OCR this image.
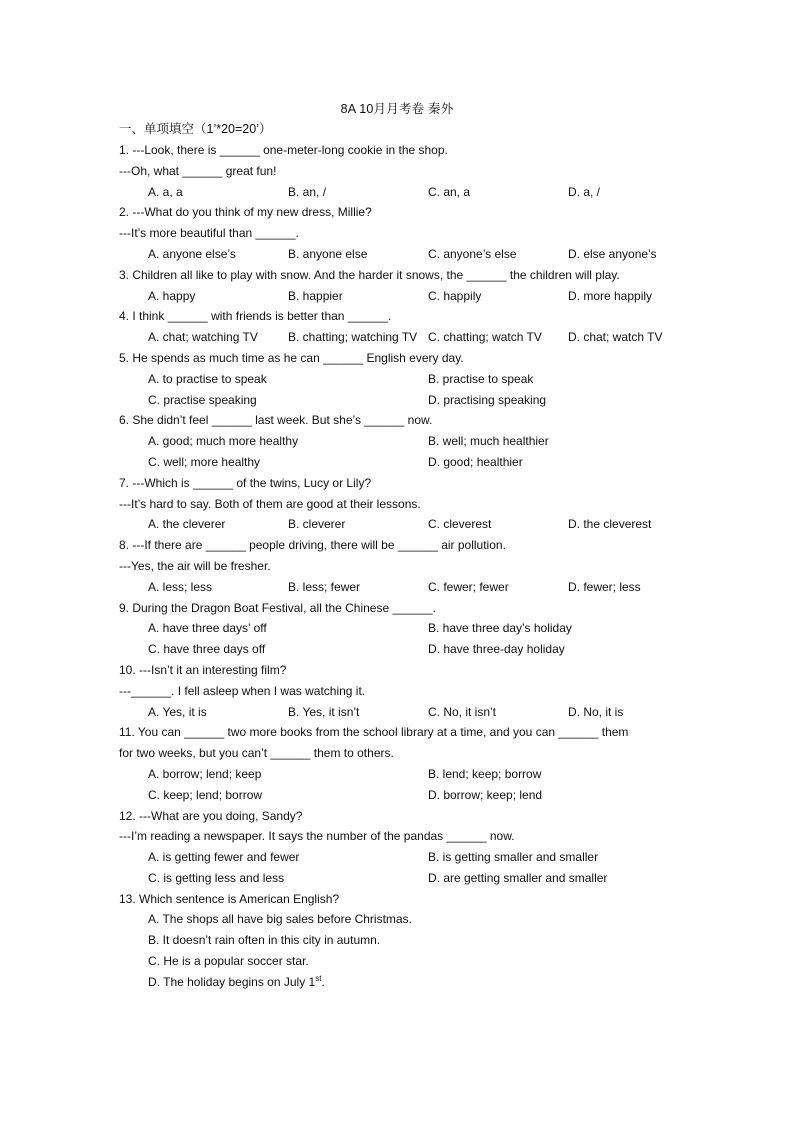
8A 10月月考卷 秦外
一、单项填空（1’*20=20’）
1. ---Look, there is ______ one-meter-long cookie in the shop.
---Oh, what ______ great fun!
A. a, a	B. an, /	C. an, a	D. a, /
2. ---What do you think of my new dress, Millie?
---It’s more beautiful than ______.
A. anyone else’s	B. anyone else	C. anyone’s else	D. else anyone’s
3. Children all like to play with snow. And the harder it snows, the ______ the children will play.
A. happy	B. happier	C. happily	D. more happily
4. I think ______ with friends is better than ______.
A. chat; watching TV	B. chatting; watching TV C. chatting; watch TV D. chat; watch TV
5. He spends as much time as he can ______ English every day.
A. to practise to speak	B. practise to speak
C. practise speaking	D. practising speaking
6. She didn’t feel ______ last week. But she’s ______ now.
A. good; much more healthy	B. well; much healthier
C. well; more healthy	D. good; healthier
7. ---Which is ______ of the twins, Lucy or Lily?
---It’s hard to say. Both of them are good at their lessons.
A. the cleverer	B. cleverer	C. cleverest	D. the cleverest
8. ---If there are ______ people driving, there will be ______ air pollution.
---Yes, the air will be fresher.
A. less; less	B. less; fewer	C. fewer; fewer	D. fewer; less
9. During the Dragon Boat Festival, all the Chinese ______.
A. have three days’ off	B. have three day’s holiday
C. have three days off	D. have three-day holiday
10. ---Isn’t it an interesting film?
---______. I fell asleep when I was watching it.
A. Yes, it is	B. Yes, it isn’t	C. No, it isn’t	D. No, it is
11. You can ______ two more books from the school library at a time, and you can ______ them
for two weeks, but you can’t ______ them to others.
A. borrow; lend; keep	B. lend; keep; borrow
C. keep; lend; borrow	D. borrow; keep; lend
12. ---What are you doing, Sandy?
---I’m reading a newspaper. It says the number of the pandas ______ now.
A. is getting fewer and fewer	B. is getting smaller and smaller
C. is getting less and less	D. are getting smaller and smaller
13. Which sentence is American English?
A. The shops all have big sales before Christmas.
B. It doesn’t rain often in this city in autumn.
C. He is a popular soccer star.
D. The holiday begins on July 1st.
